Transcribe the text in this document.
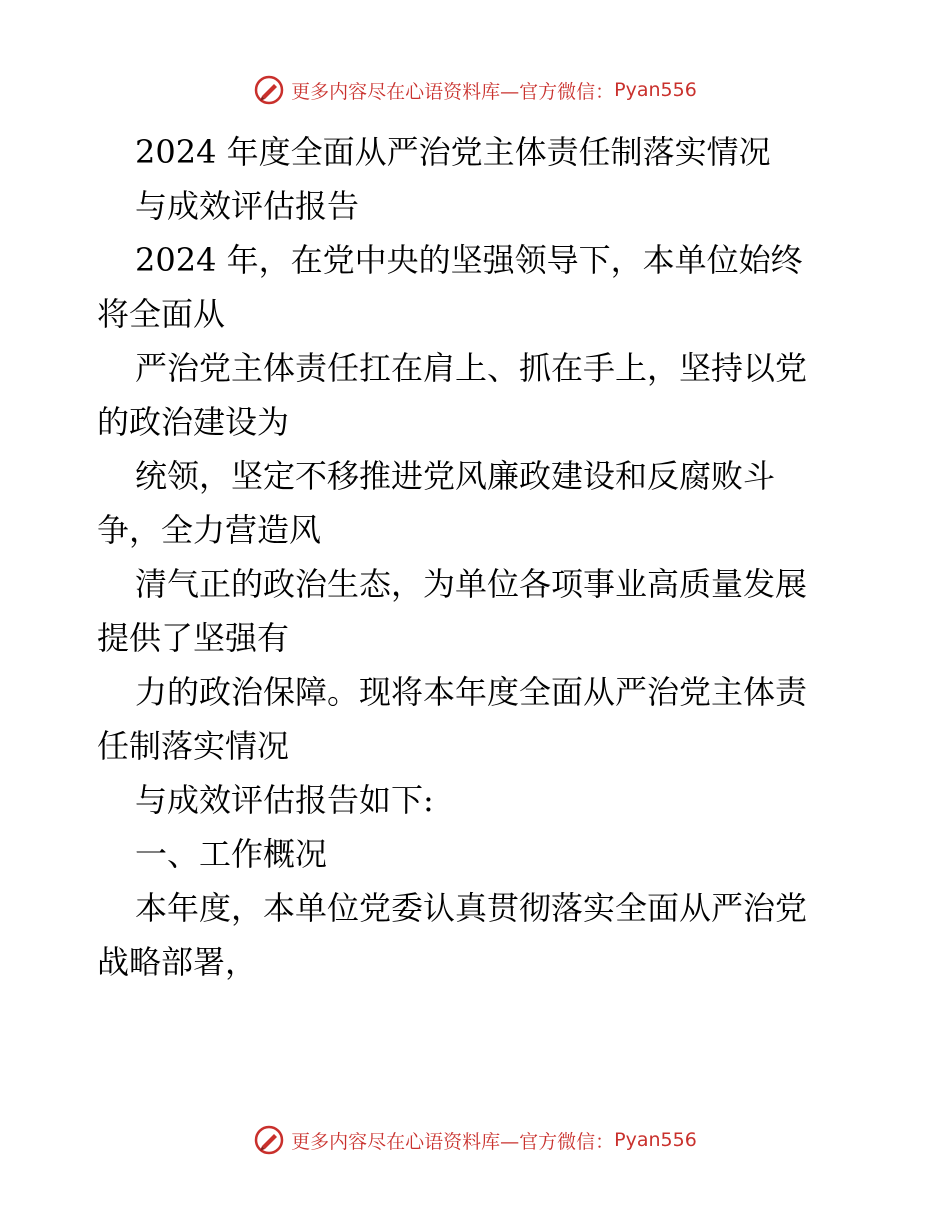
更多内容尽在心语资料库—官方微信： Pyan556
2024 年度全面从严治党主体责任制落实情况
与成效评估报告
2024 年，在党中央的坚强领导下，本单位始终
将全面从
严治党主体责任扛在肩上、抓在手上，坚持以党
的政治建设为
统领，坚定不移推进党风廉政建设和反腐败斗
争，全力营造风
清气正的政治生态，为单位各项事业高质量发展
提供了坚强有
力的政治保障。现将本年度全面从严治党主体责
任制落实情况
与成效评估报告如下:
一、工作概况
本年度，本单位党委认真贯彻落实全面从严治党
战略部署，
更多内容尽在心语资料库—官方微信： Pyan556
